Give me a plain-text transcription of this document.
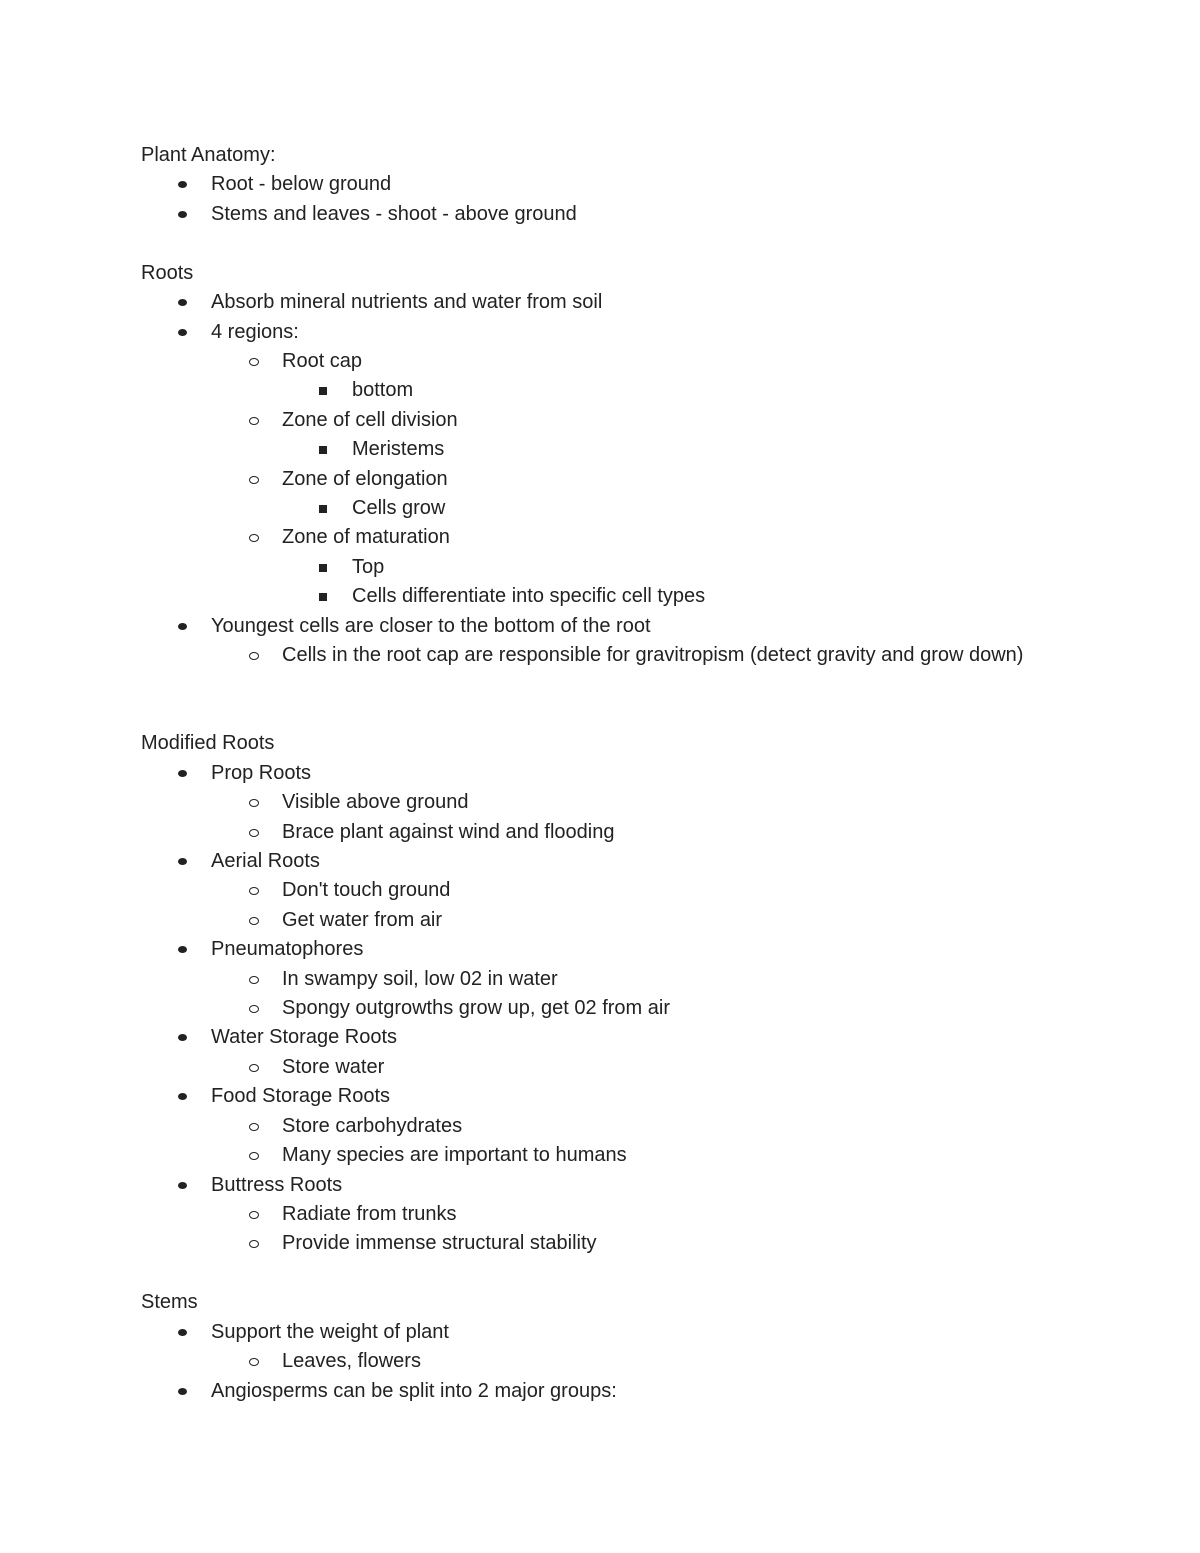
Plant Anatomy:
Root - below ground
Stems and leaves - shoot - above ground
Roots
Absorb mineral nutrients and water from soil
4 regions:
Root cap
bottom
Zone of cell division
Meristems
Zone of elongation
Cells grow
Zone of maturation
Top
Cells differentiate into specific cell types
Youngest cells are closer to the bottom of the root
Cells in the root cap are responsible for gravitropism (detect gravity and grow down)
Modified Roots
Prop Roots
Visible above ground
Brace plant against wind and flooding
Aerial Roots
Don't touch ground
Get water from air
Pneumatophores
In swampy soil, low 02 in water
Spongy outgrowths grow up, get 02 from air
Water Storage Roots
Store water
Food Storage Roots
Store carbohydrates
Many species are important to humans
Buttress Roots
Radiate from trunks
Provide immense structural stability
Stems
Support the weight of plant
Leaves, flowers
Angiosperms can be split into 2 major groups:
